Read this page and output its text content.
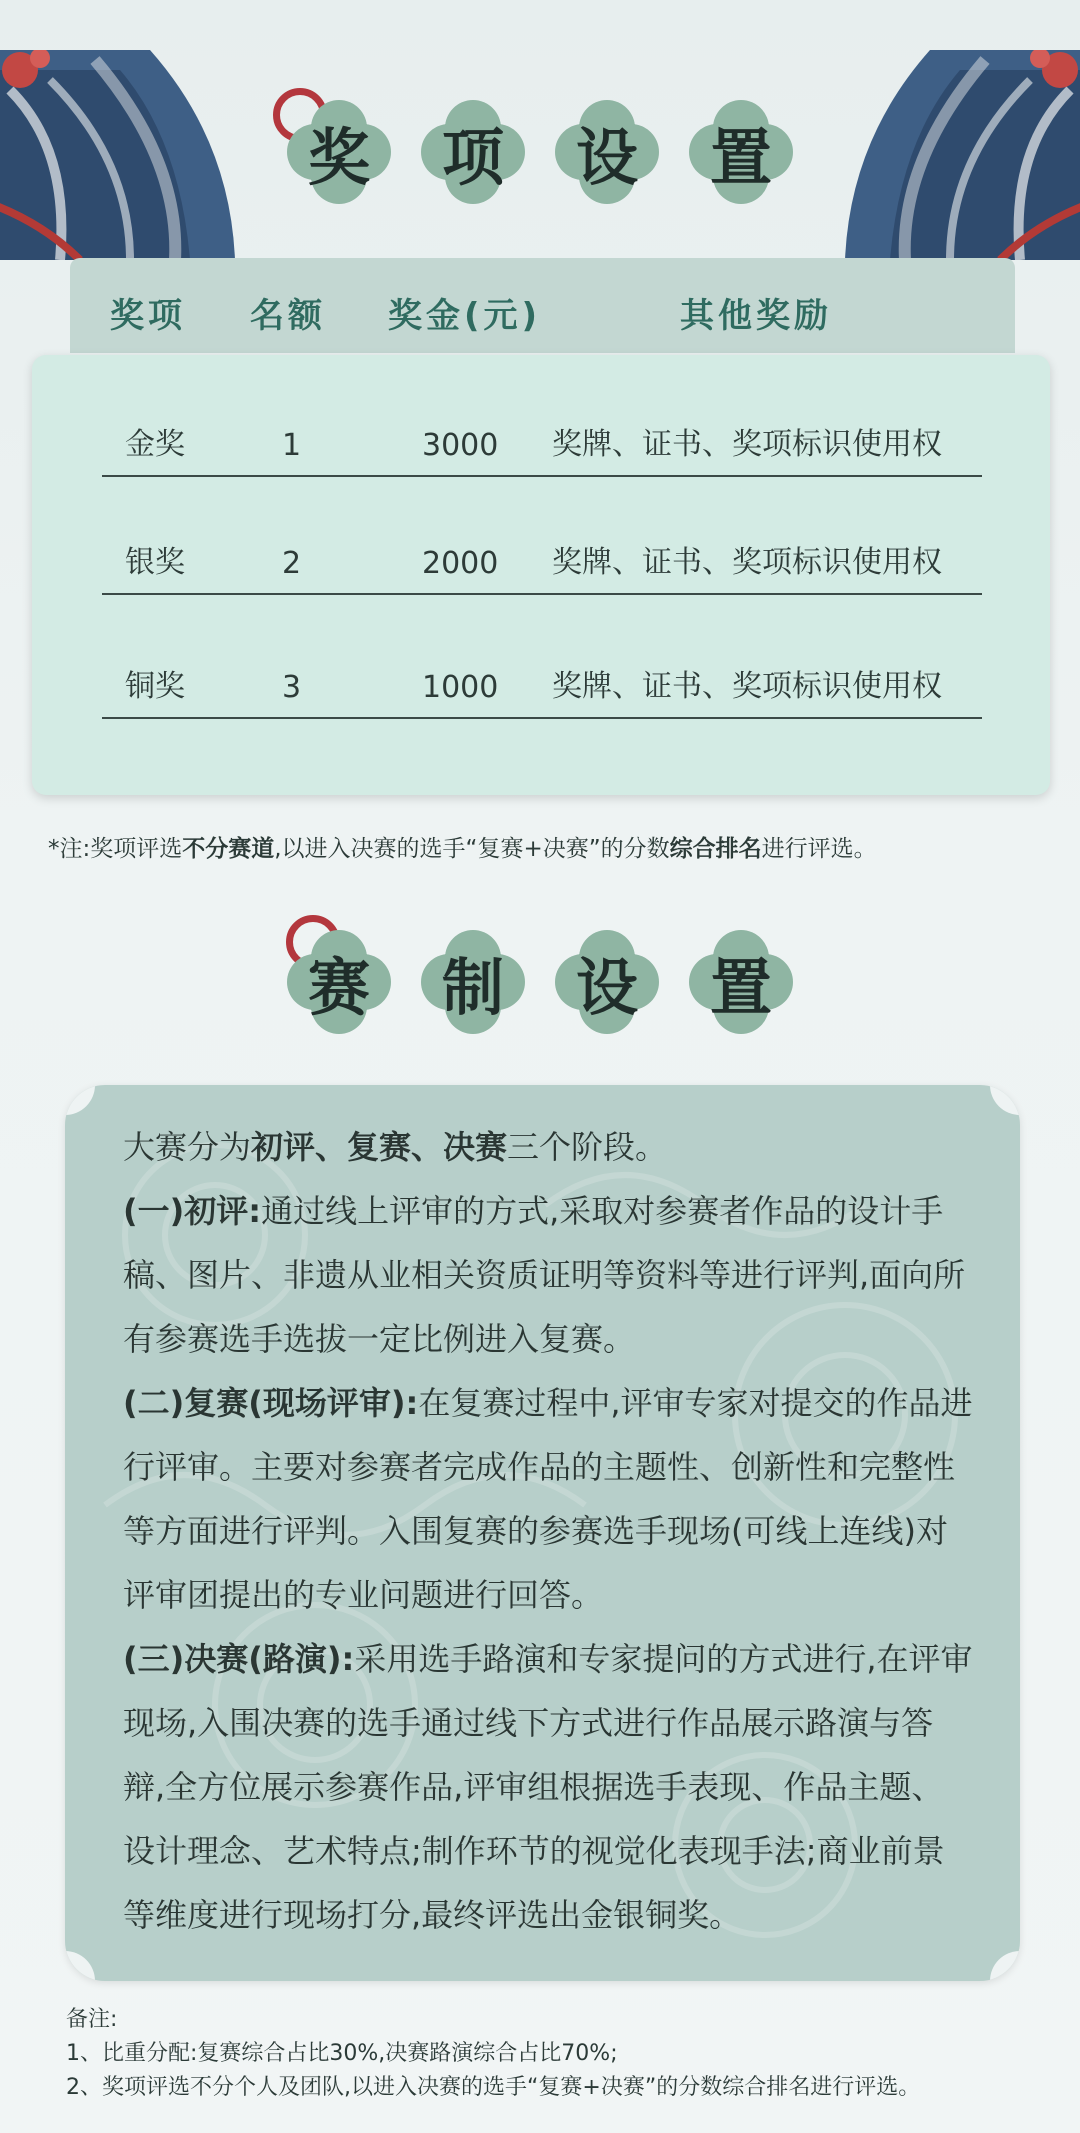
奖	项	设	置
奖项 名额 奖金(元)	其他奖励
金奖	1	3000 奖牌、证书、奖项标识使用权
银奖	2	2000 奖牌、证书、奖项标识使用权
铜奖	3	1000 奖牌、证书、奖项标识使用权
*注:奖项评选不分赛道,以进入决赛的选手“复赛+决赛”的分数综合排名进行评选。
赛	制	设	置

大赛分为初评、复赛、决赛三个阶段。

(一)初评:通过线上评审的方式,采取对参赛者作品的设计手稿、图片、非遗从业相关资质证明等资料等进行评判,面向所有参赛选手选拔一定比例进入复赛。

(二)复赛(现场评审):在复赛过程中,评审专家对提交的作品进行评审。主要对参赛者完成作品的主题性、创新性和完整性等方面进行评判。入围复赛的参赛选手现场(可线上连线)对评审团提出的专业问题进行回答。

(三)决赛(路演):采用选手路演和专家提问的方式进行,在评审现场,入围决赛的选手通过线下方式进行作品展示路演与答辩,全方位展示参赛作品,评审组根据选手表现、作品主题、设计理念、艺术特点;制作环节的视觉化表现手法;商业前景等维度进行现场打分,最终评选出金银铜奖。

备注:
1、比重分配:复赛综合占比30%,决赛路演综合占比70%;
2、奖项评选不分个人及团队,以进入决赛的选手“复赛+决赛”的分数综合排名进行评选。
